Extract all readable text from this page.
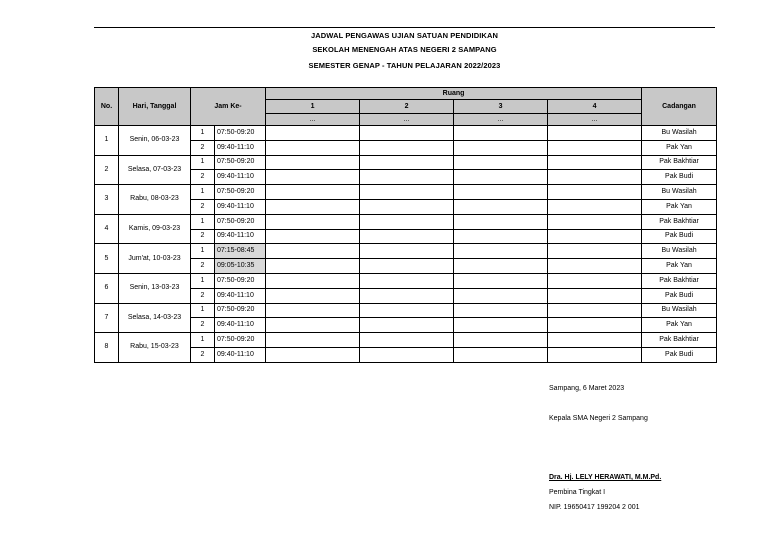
JADWAL PENGAWAS UJIAN SATUAN PENDIDIKAN
SEKOLAH MENENGAH ATAS NEGERI 2 SAMPANG
SEMESTER GENAP - TAHUN PELAJARAN 2022/2023
No.	Hari, Tanggal	Jam Ke-		Ruang				Cadangan
				1	2	3	4	
				...	...	...	...	
1	Senin, 06-03-23	1	07:50-09:20					Bu Wasilah
		2	09:40-11:10					Pak Yan
2	Selasa, 07-03-23	1	07:50-09:20					Pak Bakhtiar
		2	09:40-11:10					Pak Budi
3	Rabu, 08-03-23	1	07:50-09:20					Bu Wasilah
		2	09:40-11:10					Pak Yan
4	Kamis, 09-03-23	1	07:50-09:20					Pak Bakhtiar
		2	09:40-11:10					Pak Budi
5	Jum'at, 10-03-23	1	07:15-08:45					Bu Wasilah
		2	09:05-10:35					Pak Yan
6	Senin, 13-03-23	1	07:50-09:20					Pak Bakhtiar
		2	09:40-11:10					Pak Budi
7	Selasa, 14-03-23	1	07:50-09:20					Bu Wasilah
		2	09:40-11:10					Pak Yan
8	Rabu, 15-03-23	1	07:50-09:20					Pak Bakhtiar
		2	09:40-11:10					Pak Budi
Sampang, 6 Maret 2023
Kepala SMA Negeri 2 Sampang
Dra. Hj. LELY HERAWATI, M.M.Pd.
Pembina Tingkat I
NIP. 19650417 199204 2 001
